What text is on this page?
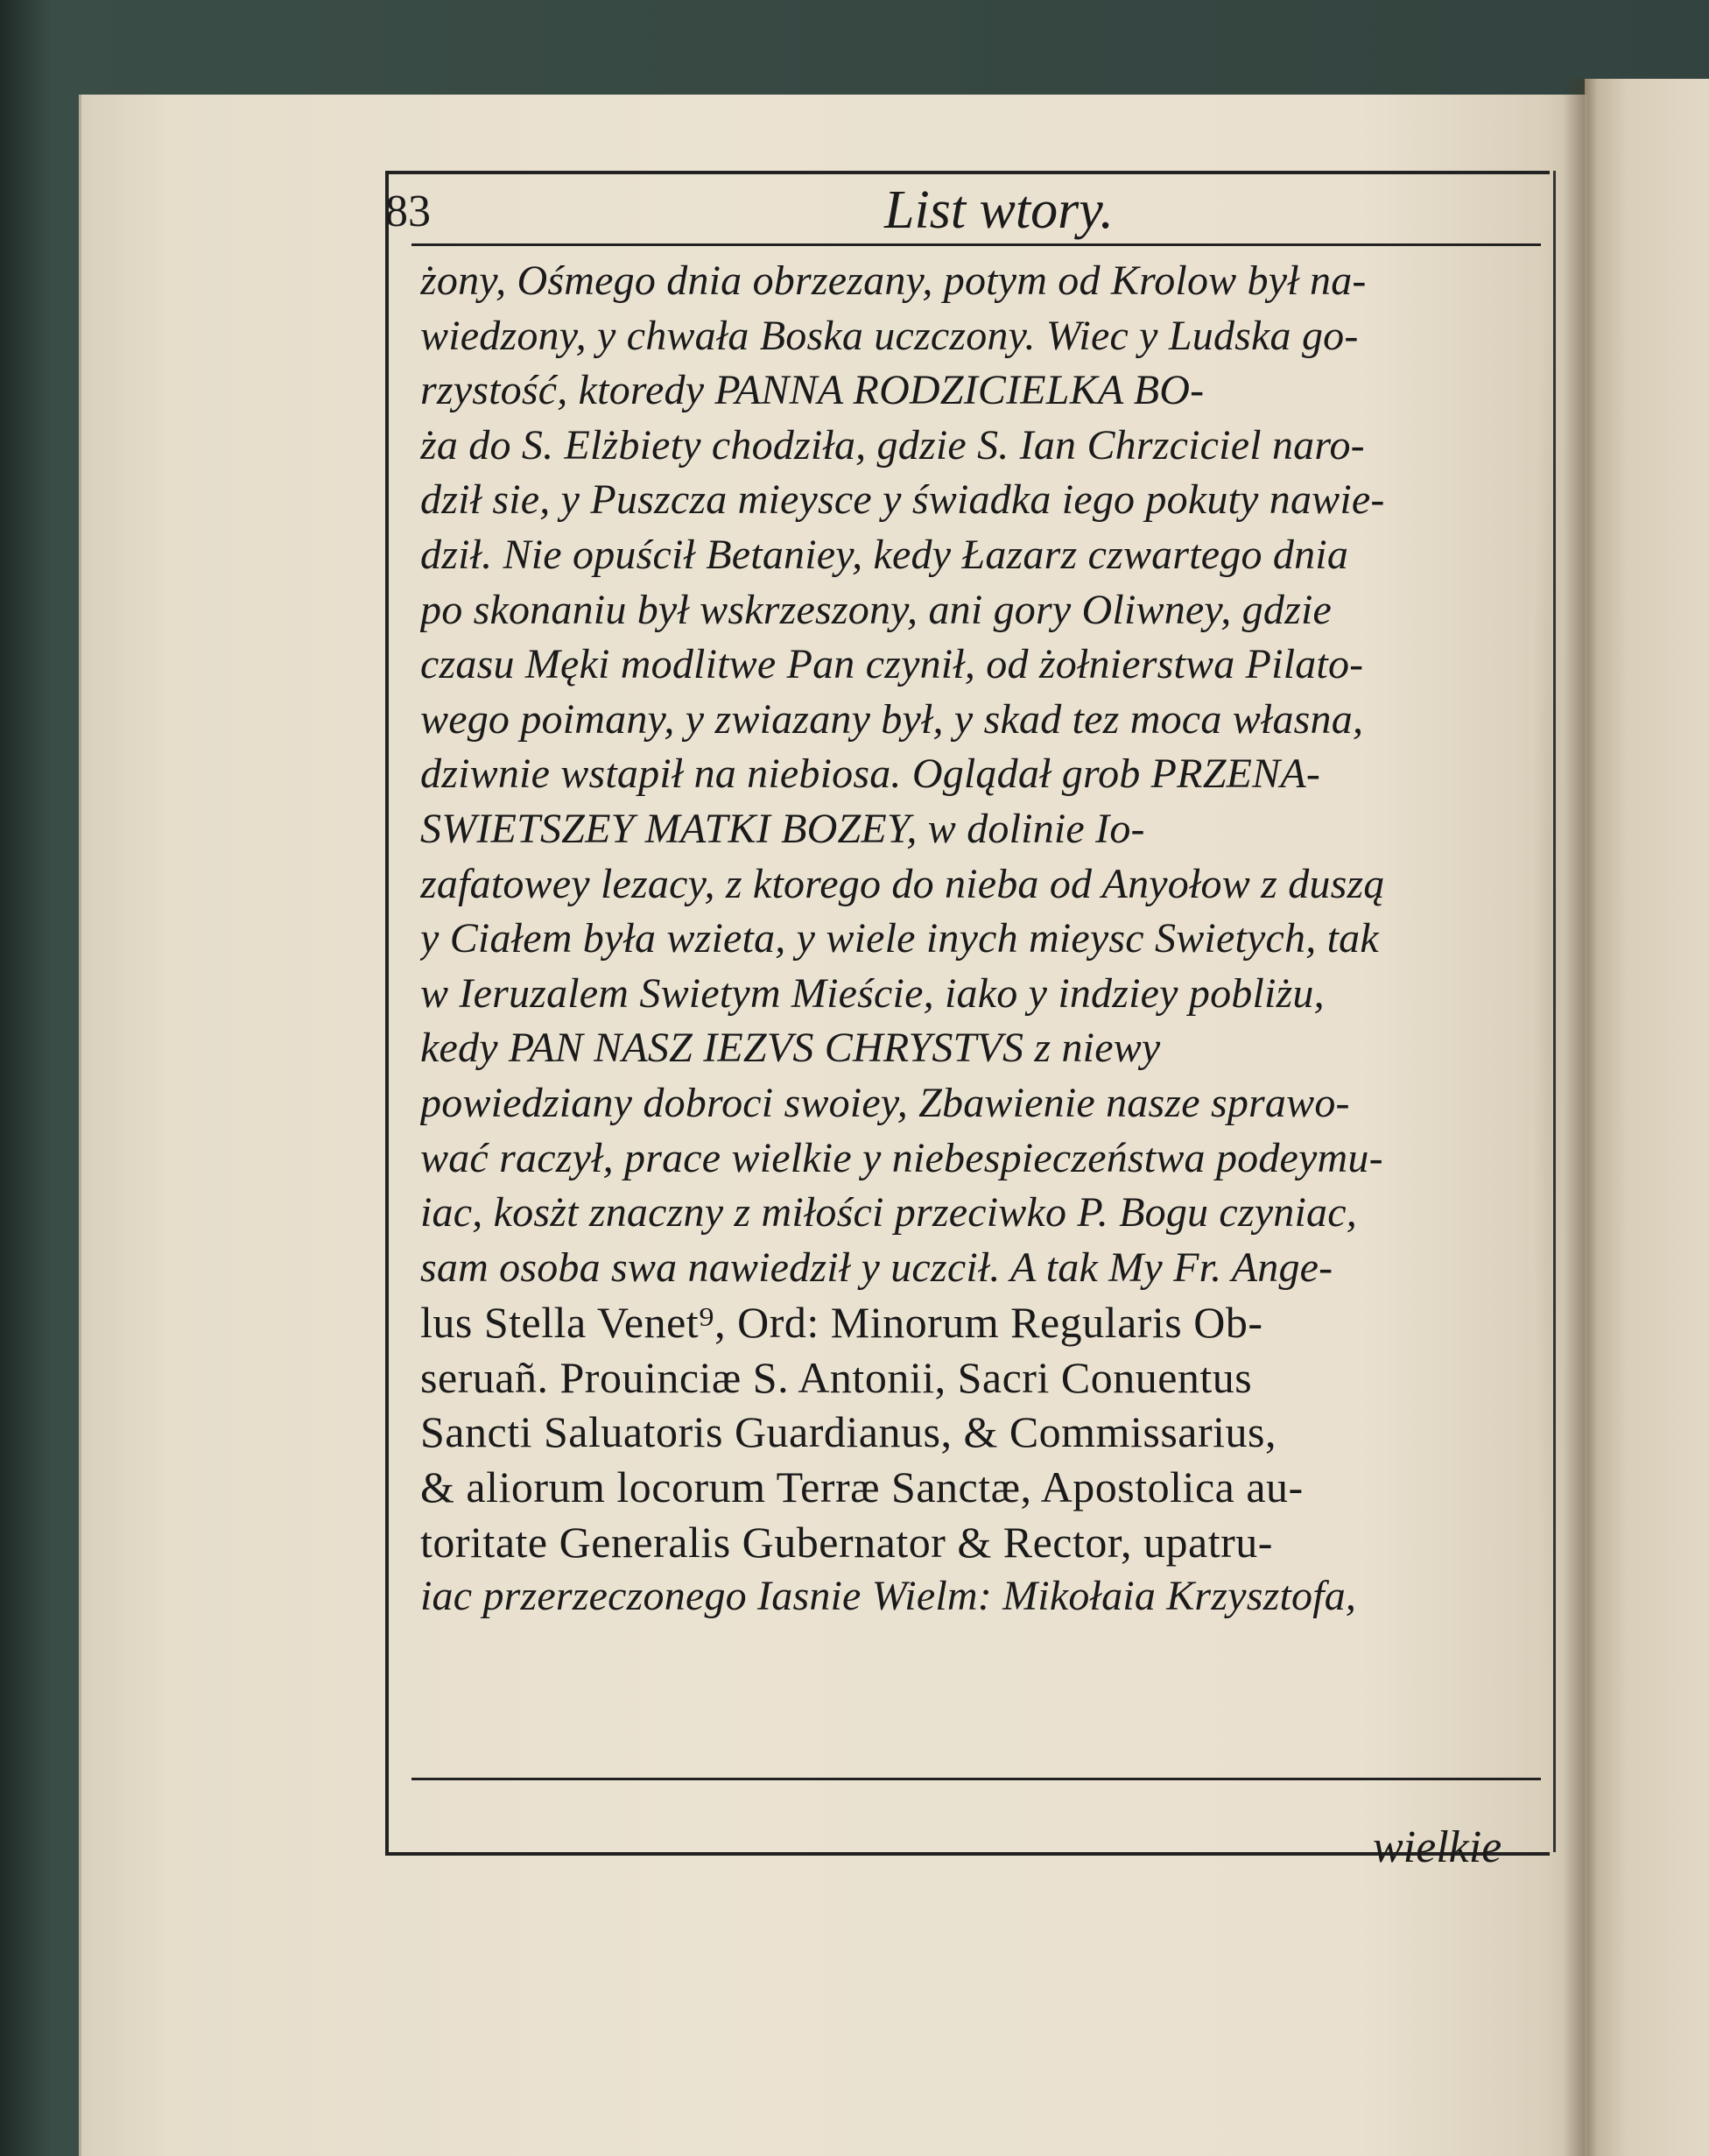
83	List wtory.
żony, Ośmego dnia obrzezany, potym od Krolow był na-
wiedzony, y chwała Boska uczczony. Wiec y Ludska go-
rzystość, ktoredy PANNA RODZICIELKA BO-
ża do S. Elżbiety chodziła, gdzie S. Ian Chrzciciel naro-
dził sie, y Puszcza mieysce y świadka iego pokuty nawie-
dził. Nie opuścił Betaniey, kedy Łazarz czwartego dnia
po skonaniu był wskrzeszony, ani gory Oliwney, gdzie
czasu Męki modlitwe Pan czynił, od żołnierstwa Pilato-
wego poimany, y zwiazany był, y skad tez moca własna,
dziwnie wstapił na niebiosa. Oglądał grob PRZENA-
SWIETSZEY MATKI BOZEY, w dolinie Io-
zafatowey lezacy, z ktorego do nieba od Anyołow z duszą
y Ciałem była wzieta, y wiele inych mieysc Swietych, tak
w Ieruzalem Swietym Mieście, iako y indziey pobliżu,
kedy PAN NASZ IEZVS CHRYSTVS z niewy
powiedziany dobroci swoiey, Zbawienie nasze sprawo-
wać raczył, prace wielkie y niebespieczeństwa podeymu-
iac, kosżt znaczny z miłości przeciwko P. Bogu czyniac,
sam osoba swa nawiedził y uczcił. A tak My Fr. Ange-
lus Stella Venet⁹, Ord: Minorum Regularis Ob-
seruañ. Prouinciæ S. Antonii, Sacri Conuentus
Sancti Saluatoris Guardianus, & Commissarius,
& aliorum locorum Terræ Sanctæ, Apostolica au-
toritate Generalis Gubernator & Rector, upatru-
iac przerzeczonego Iasnie Wielm: Mikołaia Krzysztofa,
wielkie
